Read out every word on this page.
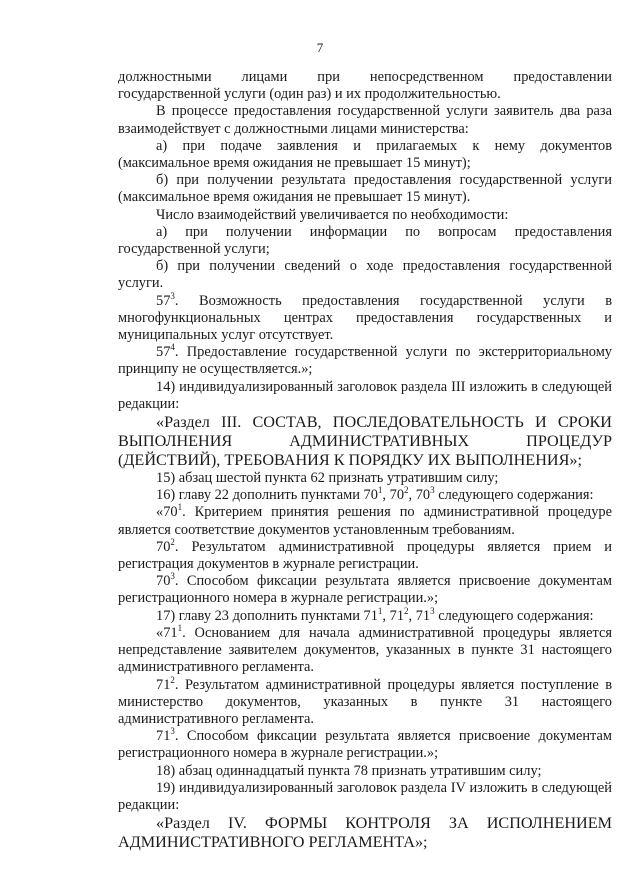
7

должностными лицами при непосредственном предоставлении государственной услуги (один раз) и их продолжительностью.

В процессе предоставления государственной услуги заявитель два раза взаимодействует с должностными лицами министерства:

а) при подаче заявления и прилагаемых к нему документов (максимальное время ожидания не превышает 15 минут);

б) при получении результата предоставления государственной услуги (максимальное время ожидания не превышает 15 минут).

Число взаимодействий увеличивается по необходимости:

а) при получении информации по вопросам предоставления государственной услуги;

б) при получении сведений о ходе предоставления государственной услуги.

$57^3$. Возможность предоставления государственной услуги в многофункциональных центрах предоставления государственных и муниципальных услуг отсутствует.

$57^4$. Предоставление государственной услуги по экстерриториальному принципу не осуществляется.»;

14) индивидуализированный заголовок раздела III изложить в следующей редакции:

«Раздел III. СОСТАВ, ПОСЛЕДОВАТЕЛЬНОСТЬ И СРОКИ ВЫПОЛНЕНИЯ АДМИНИСТРАТИВНЫХ ПРОЦЕДУР (ДЕЙСТВИЙ), ТРЕБОВАНИЯ К ПОРЯДКУ ИХ ВЫПОЛНЕНИЯ»;

15) абзац шестой пункта 62 признать утратившим силу;

16) главу 22 дополнить пунктами $70^1$, $70^2$, $70^3$ следующего содержания:

«$70^1$. Критерием принятия решения по административной процедуре является соответствие документов установленным требованиям.

$70^2$. Результатом административной процедуры является прием и регистрация документов в журнале регистрации.

$70^3$. Способом фиксации результата является присвоение документам регистрационного номера в журнале регистрации.»;

17) главу 23 дополнить пунктами $71^1$, $71^2$, $71^3$ следующего содержания:

«$71^1$. Основанием для начала административной процедуры является непредставление заявителем документов, указанных в пункте 31 настоящего административного регламента.

$71^2$. Результатом административной процедуры является поступление в министерство документов, указанных в пункте 31 настоящего административного регламента.

$71^3$. Способом фиксации результата является присвоение документам регистрационного номера в журнале регистрации.»;

18) абзац одиннадцатый пункта 78 признать утратившим силу;

19) индивидуализированный заголовок раздела IV изложить в следующей редакции:

«Раздел IV. ФОРМЫ КОНТРОЛЯ ЗА ИСПОЛНЕНИЕМ АДМИНИСТРАТИВНОГО РЕГЛАМЕНТА»;
